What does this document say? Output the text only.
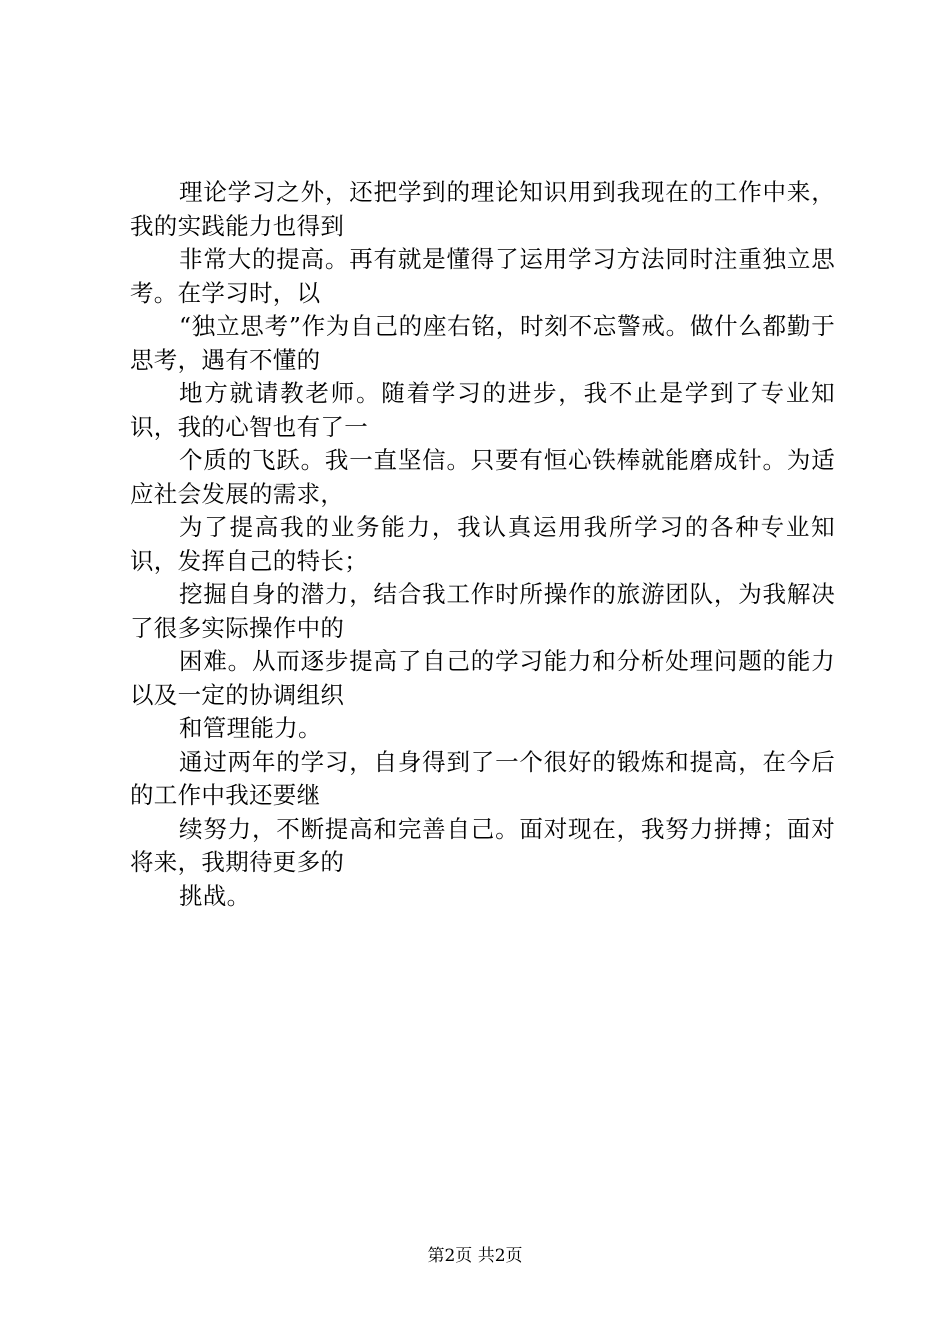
理论学习之外，还把学到的理论知识用到我现在的工作中来，我的实践能力也得到

非常大的提高。再有就是懂得了运用学习方法同时注重独立思考。在学习时，以

“独立思考”作为自己的座右铭，时刻不忘警戒。做什么都勤于思考，遇有不懂的

地方就请教老师。随着学习的进步，我不止是学到了专业知识，我的心智也有了一

个质的飞跃。我一直坚信。只要有恒心铁棒就能磨成针。为适应社会发展的需求，

为了提高我的业务能力，我认真运用我所学习的各种专业知识，发挥自己的特长；

挖掘自身的潜力，结合我工作时所操作的旅游团队，为我解决了很多实际操作中的

困难。从而逐步提高了自己的学习能力和分析处理问题的能力以及一定的协调组织

和管理能力。

通过两年的学习，自身得到了一个很好的锻炼和提高，在今后的工作中我还要继

续努力，不断提高和完善自己。面对现在，我努力拼搏；面对将来，我期待更多的

挑战。

第2页 共2页
